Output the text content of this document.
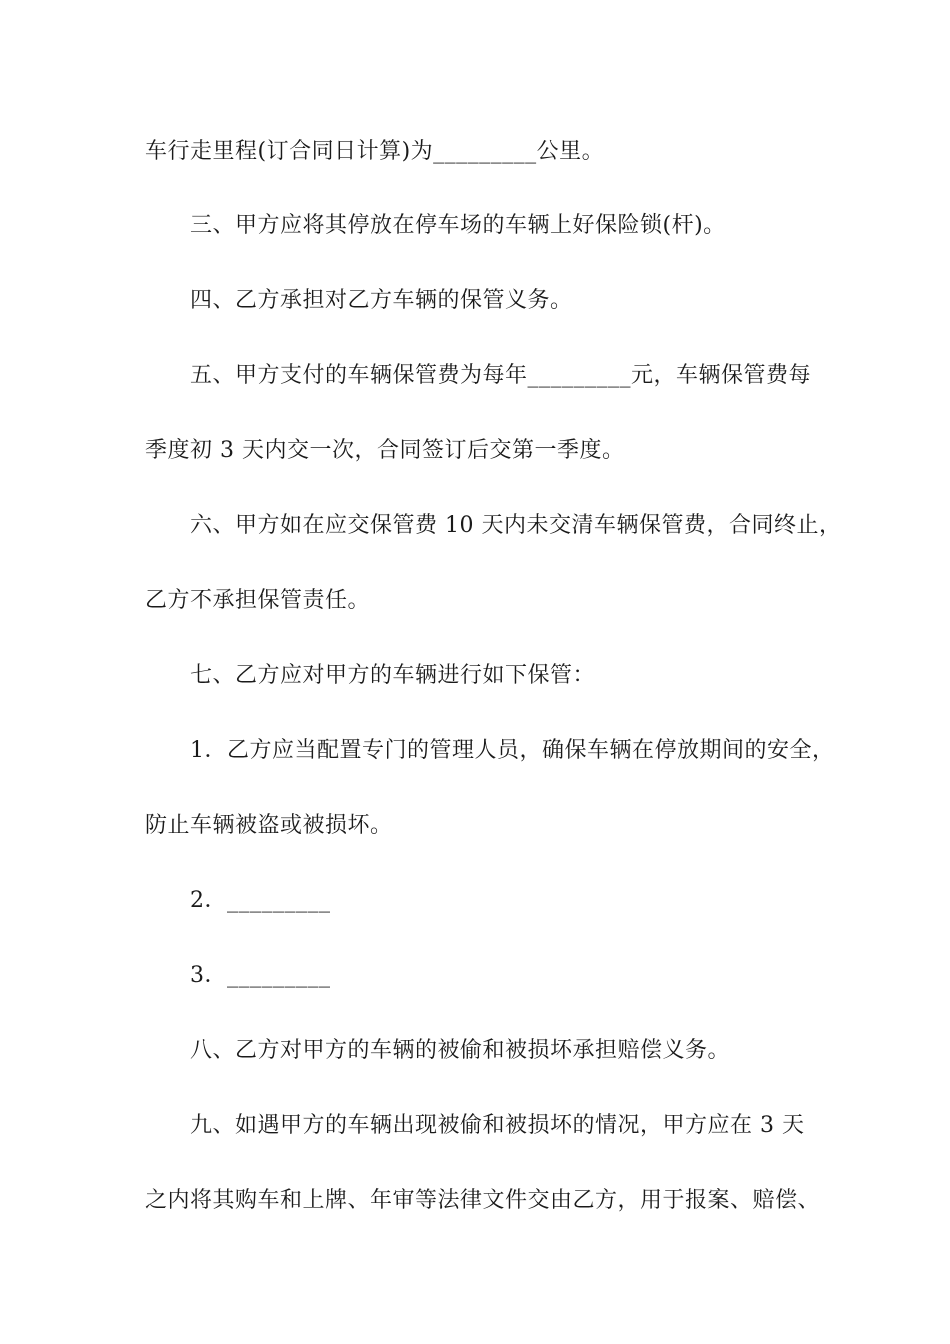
车行走里程(订合同日计算)为_________公里。
三、甲方应将其停放在停车场的车辆上好保险锁(杆)。
四、乙方承担对乙方车辆的保管义务。
五、甲方支付的车辆保管费为每年_________元，车辆保管费每
季度初 3 天内交一次，合同签订后交第一季度。
六、甲方如在应交保管费 10 天内未交清车辆保管费，合同终止，
乙方不承担保管责任。
七、乙方应对甲方的车辆进行如下保管：
1．乙方应当配置专门的管理人员，确保车辆在停放期间的安全，
防止车辆被盗或被损坏。
2．_________
3．_________
八、乙方对甲方的车辆的被偷和被损坏承担赔偿义务。
九、如遇甲方的车辆出现被偷和被损坏的情况，甲方应在 3 天
之内将其购车和上牌、年审等法律文件交由乙方，用于报案、赔偿、
